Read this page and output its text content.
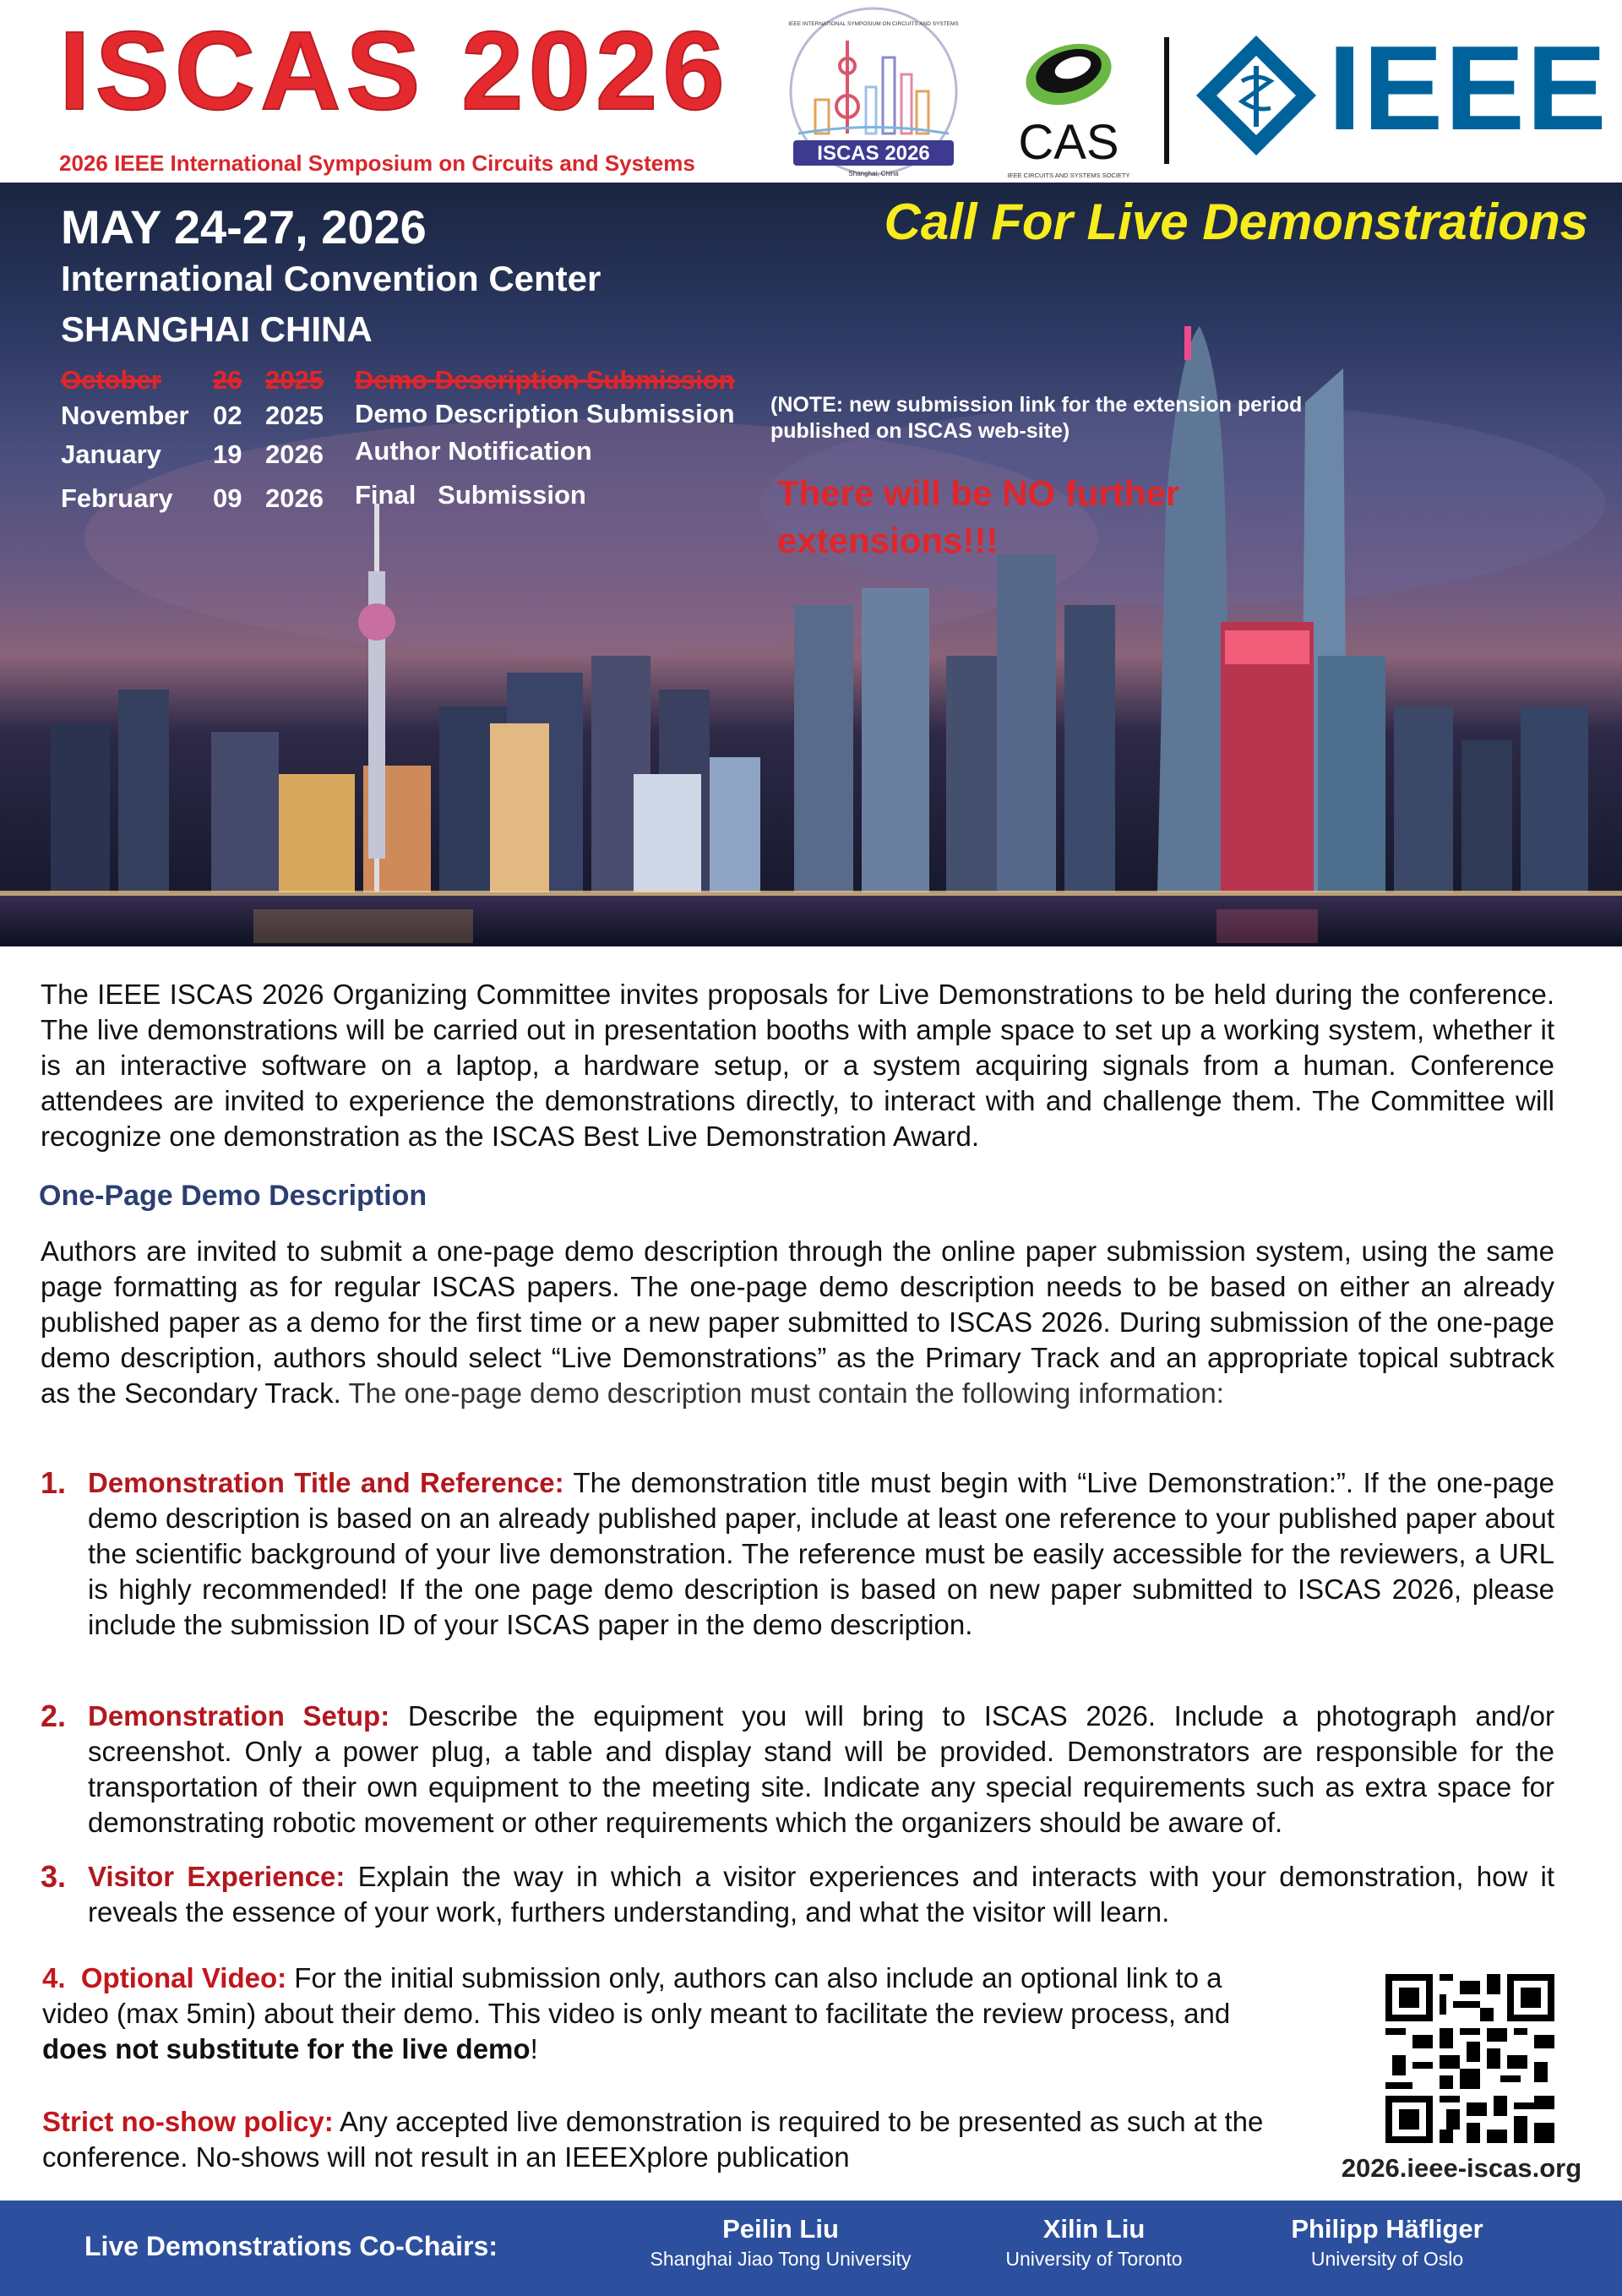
ISCAS 2026
2026 IEEE International Symposium on Circuits and Systems
IEEE INTERNATIONAL SYMPOSIUM ON CIRCUITS AND SYSTEMS
ISCAS 2026
Shanghai, China
CAS
IEEE CIRCUITS AND SYSTEMS SOCIETY
IEEE
MAY 24-27, 2026
International Convention Center
SHANGHAI CHINA
Call For Live Demonstrations
October 26 2025 Demo Description Submission
November 02 2025 Demo Description Submission
January 19 2026 Author Notification
February 09 2026 Final   Submission
(NOTE: new submission link for the extension period published on ISCAS web-site)
There will be NO further extensions!!!
The IEEE ISCAS 2026 Organizing Committee invites proposals for Live Demonstrations to be held during the conference. The live demonstrations will be carried out in presentation booths with ample space to set up a working system, whether it is an interactive software on a laptop, a hardware setup, or a system acquiring signals from a human. Conference attendees are invited to experience the demonstrations directly, to interact with and challenge them. The Committee will recognize one demonstration as the ISCAS Best Live Demonstration Award.
One-Page Demo Description
Authors are invited to submit a one-page demo description through the online paper submission system, using the same page formatting as for regular ISCAS papers. The one-page demo description needs to be based on either an already published paper as a demo for the first time or a new paper submitted to ISCAS 2026. During submission of the one-page demo description, authors should select “Live Demonstrations” as the Primary Track and an appropriate topical subtrack as the Secondary Track. The one-page demo description must contain the following information:
1. Demonstration Title and Reference: The demonstration title must begin with “Live Demonstration:”. If the one-page demo description is based on an already published paper, include at least one reference to your published paper about the scientific background of your live demonstration. The reference must be easily accessible for the reviewers, a URL is highly recommended! If the one page demo description is based on new paper submitted to ISCAS 2026, please include the submission ID of your ISCAS paper in the demo description.
2. Demonstration Setup: Describe the equipment you will bring to ISCAS 2026. Include a photograph and/or screenshot. Only a power plug, a table and display stand will be provided. Demonstrators are responsible for the transportation of their own equipment to the meeting site. Indicate any special requirements such as extra space for demonstrating robotic movement or other requirements which the organizers should be aware of.
3. Visitor Experience: Explain the way in which a visitor experiences and interacts with your demonstration, how it reveals the essence of your work, furthers understanding, and what the visitor will learn.
4. Optional Video: For the initial submission only, authors can also include an optional link to a video (max 5min) about their demo. This video is only meant to facilitate the review process, and does not substitute for the live demo!
Strict no-show policy: Any accepted live demonstration is required to be presented as such at the conference. No-shows will not result in an IEEEXplore publication	2026.ieee-iscas.org
Live Demonstrations Co-Chairs:
Peilin Liu
Shanghai Jiao Tong University
Xilin Liu
University of Toronto
Philipp Häfliger
University of Oslo
